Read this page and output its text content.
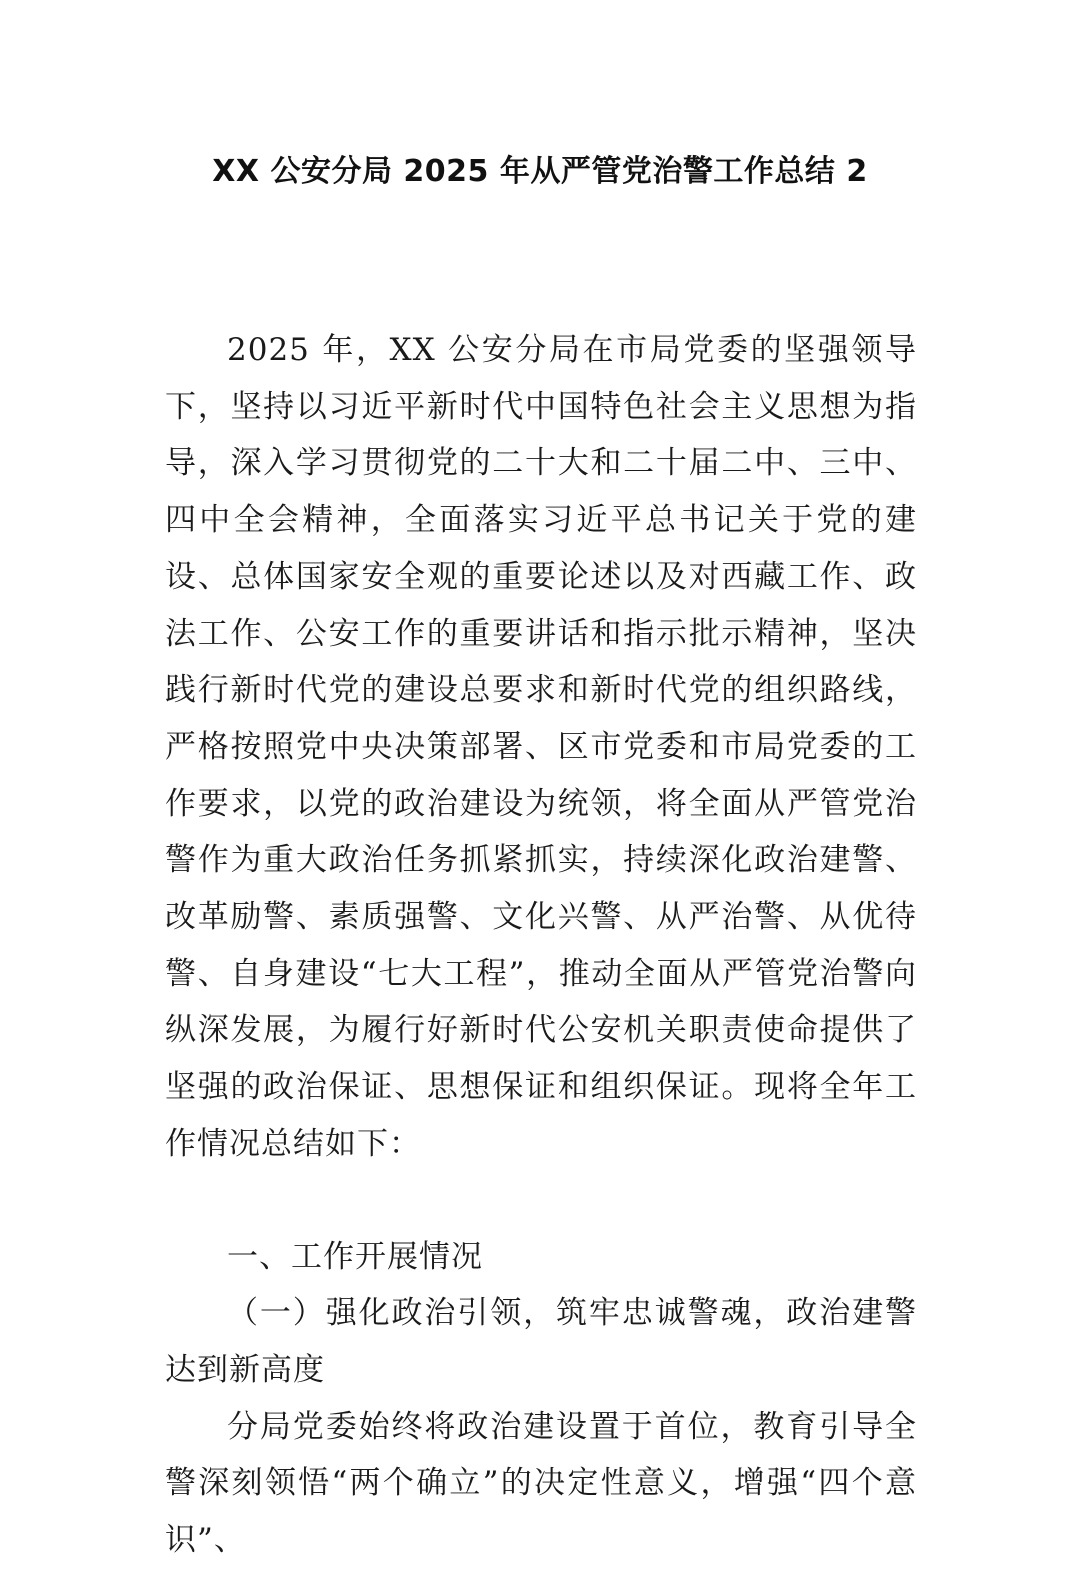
XX 公安分局 2025 年从严管党治警工作总结 2

2025 年，XX 公安分局在市局党委的坚强领导下，坚持以习近平新时代中国特色社会主义思想为指导，深入学习贯彻党的二十大和二十届二中、三中、四中全会精神，全面落实习近平总书记关于党的建设、总体国家安全观的重要论述以及对西藏工作、政法工作、公安工作的重要讲话和指示批示精神，坚决践行新时代党的建设总要求和新时代党的组织路线，严格按照党中央决策部署、区市党委和市局党委的工作要求，以党的政治建设为统领，将全面从严管党治警作为重大政治任务抓紧抓实，持续深化政治建警、改革励警、素质强警、文化兴警、从严治警、从优待警、自身建设“七大工程”，推动全面从严管党治警向纵深发展，为履行好新时代公安机关职责使命提供了坚强的政治保证、思想保证和组织保证。现将全年工作情况总结如下：

一、工作开展情况

（一）强化政治引领，筑牢忠诚警魂，政治建警达到新高度

分局党委始终将政治建设置于首位，教育引导全警深刻领悟“两个确立”的决定性意义，增强“四个意识”、
